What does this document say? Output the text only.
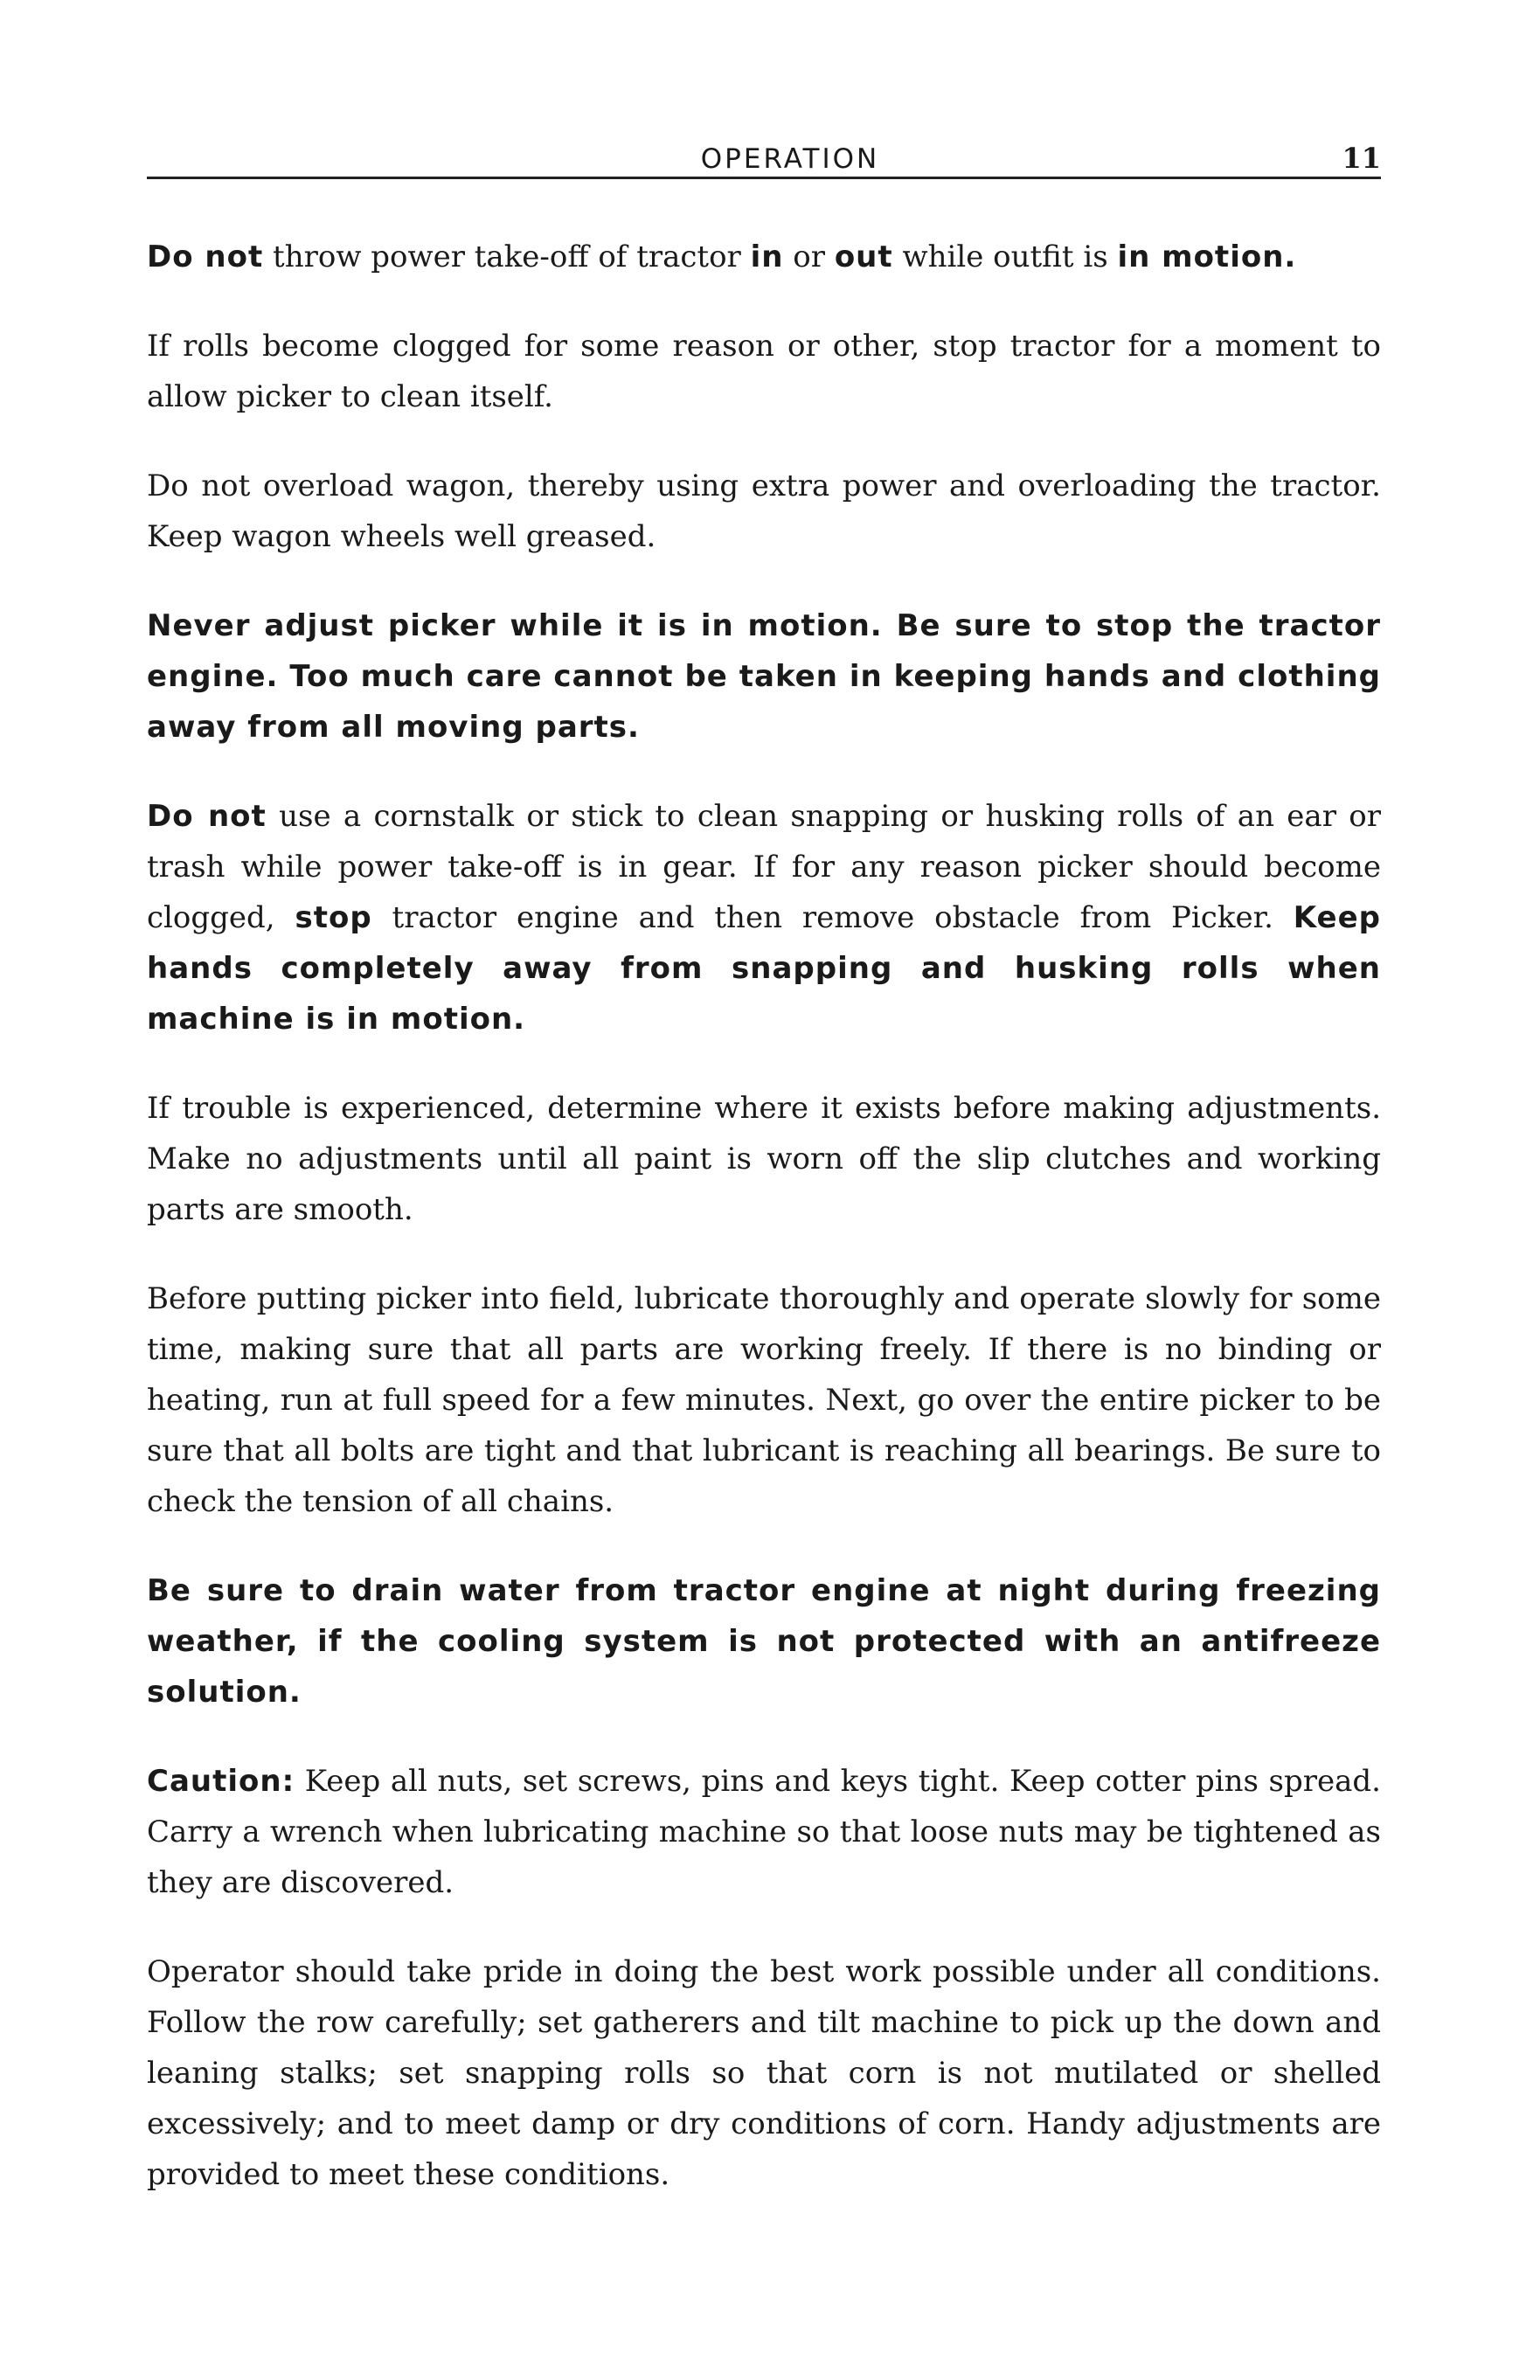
OPERATION	11

Do not throw power take-off of tractor in or out while outfit is in motion.

If rolls become clogged for some reason or other, stop tractor for a moment to allow picker to clean itself.

Do not overload wagon, thereby using extra power and overloading the tractor. Keep wagon wheels well greased.

Never adjust picker while it is in motion. Be sure to stop the tractor engine. Too much care cannot be taken in keeping hands and clothing away from all moving parts.

Do not use a cornstalk or stick to clean snapping or husking rolls of an ear or trash while power take-off is in gear. If for any reason picker should become clogged, stop tractor engine and then remove obstacle from Picker. Keep hands completely away from snapping and husking rolls when machine is in motion.

If trouble is experienced, determine where it exists before making adjustments. Make no adjustments until all paint is worn off the slip clutches and working parts are smooth.

Before putting picker into field, lubricate thoroughly and operate slowly for some time, making sure that all parts are working freely. If there is no binding or heating, run at full speed for a few minutes. Next, go over the entire picker to be sure that all bolts are tight and that lubricant is reaching all bearings. Be sure to check the tension of all chains.

Be sure to drain water from tractor engine at night during freezing weather, if the cooling system is not protected with an antifreeze solution.

Caution: Keep all nuts, set screws, pins and keys tight. Keep cotter pins spread. Carry a wrench when lubricating machine so that loose nuts may be tightened as they are discovered.

Operator should take pride in doing the best work possible under all conditions. Follow the row carefully; set gatherers and tilt machine to pick up the down and leaning stalks; set snapping rolls so that corn is not mutilated or shelled excessively; and to meet damp or dry conditions of corn. Handy adjustments are provided to meet these conditions.
